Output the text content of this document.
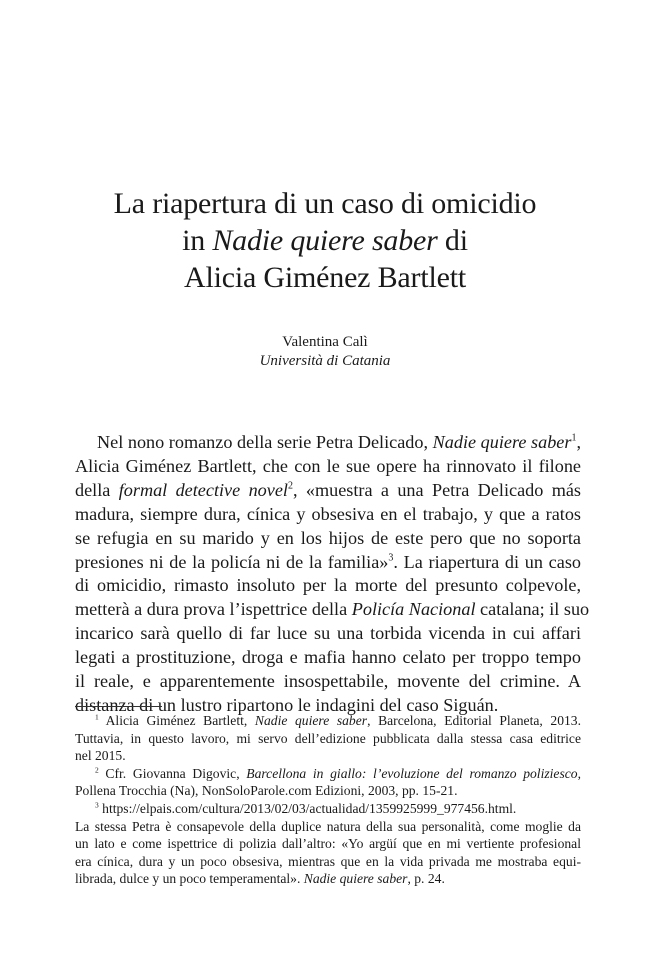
La riapertura di un caso di omicidio
in Nadie quiere saber di
Alicia Giménez Bartlett
Valentina Calì
Università di Catania
Nel nono romanzo della serie Petra Delicado, Nadie quiere saber$^1$,
Alicia Giménez Bartlett, che con le sue opere ha rinnovato il filone
della formal detective novel$^2$, «muestra a una Petra Delicado más
madura, siempre dura, cínica y obsesiva en el trabajo, y que a ratos
se refugia en su marido y en los hijos de este pero que no soporta
presiones ni de la policía ni de la familia»$^3$. La riapertura di un caso
di omicidio, rimasto insoluto per la morte del presunto colpevole,
metterà a dura prova l’ispettrice della Policía Nacional catalana; il suo
incarico sarà quello di far luce su una torbida vicenda in cui affari
legati a prostituzione, droga e mafia hanno celato per troppo tempo
il reale, e apparentemente insospettabile, movente del crimine. A
distanza di un lustro ripartono le indagini del caso Siguán.
$^1$ Alicia Giménez Bartlett, Nadie quiere saber, Barcelona, Editorial Planeta, 2013.
Tuttavia, in questo lavoro, mi servo dell’edizione pubblicata dalla stessa casa editrice
nel 2015.
$^2$ Cfr. Giovanna Digovic, Barcellona in giallo: l’evoluzione del romanzo poliziesco,
Pollena Trocchia (Na), NonSoloParole.com Edizioni, 2003, pp. 15-21.
$^3$ https://elpais.com/cultura/2013/02/03/actualidad/1359925999_977456.html.
La stessa Petra è consapevole della duplice natura della sua personalità, come moglie da
un lato e come ispettrice di polizia dall’altro: «Yo argüí que en mi vertiente profesional
era cínica, dura y un poco obsesiva, mientras que en la vida privada me mostraba equi-
librada, dulce y un poco temperamental». Nadie quiere saber, p. 24.
